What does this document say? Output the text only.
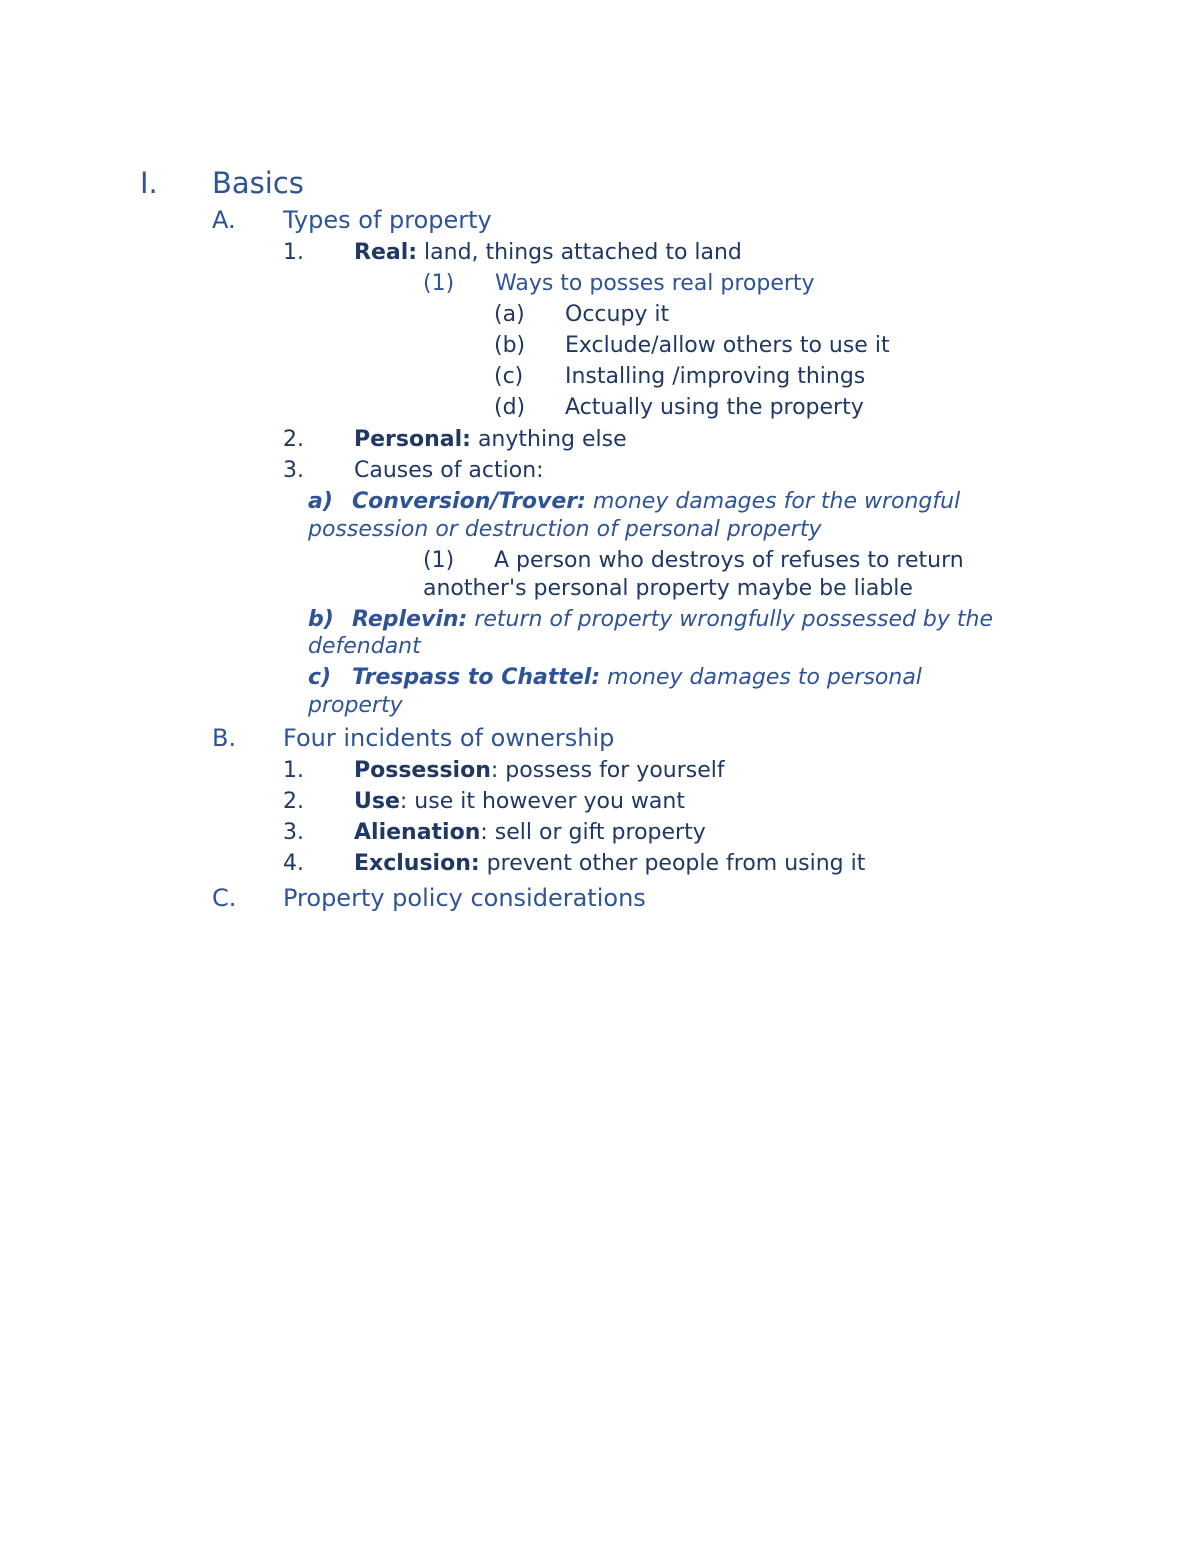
I. Basics
A. Types of property
1. Real: land, things attached to land
(1) Ways to posses real property
(a) Occupy it
(b) Exclude/allow others to use it
(c) Installing /improving things
(d) Actually using the property
2. Personal: anything else
3. Causes of action:
a) Conversion/Trover: money damages for the wrongful
possession or destruction of personal property
(1) A person who destroys of refuses to return
another's personal property maybe be liable
b) Replevin: return of property wrongfully possessed by the
defendant
c) Trespass to Chattel: money damages to personal
property
B. Four incidents of ownership
1. Possession: possess for yourself
2. Use: use it however you want
3. Alienation: sell or gift property
4. Exclusion: prevent other people from using it
C. Property policy considerations
